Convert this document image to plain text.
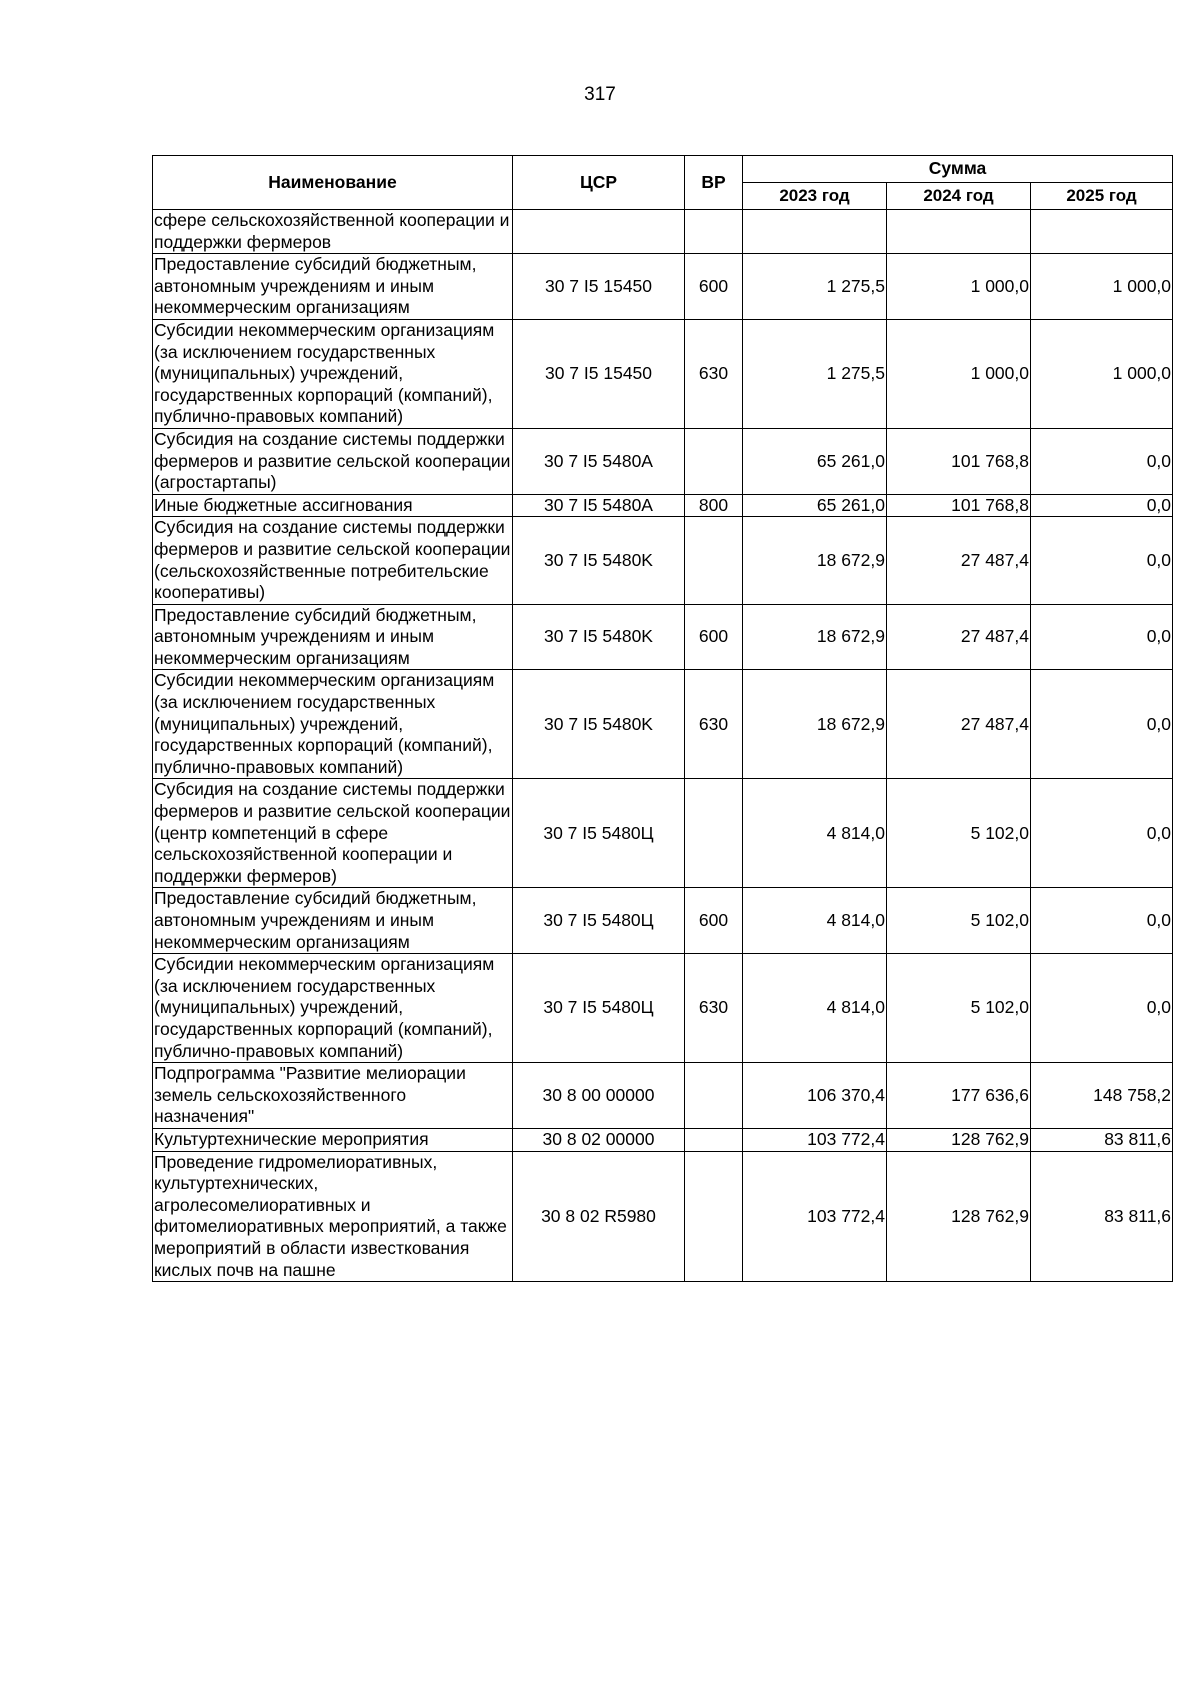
317
Наименование	ЦСР	ВР	Сумма		
			2023 год	2024 год	2025 год
сфере сельскохозяйственной кооперации и поддержки фермеров					
Предоставление субсидий бюджетным, автономным учреждениям и иным некоммерческим организациям	30 7 I5 15450	600	1 275,5	1 000,0	1 000,0
Субсидии некоммерческим организациям (за исключением государственных (муниципальных) учреждений, государственных корпораций (компаний), публично-правовых компаний)	30 7 I5 15450	630	1 275,5	1 000,0	1 000,0
Субсидия на создание системы поддержки фермеров и развитие сельской кооперации (агростартапы)	30 7 I5 5480A		65 261,0	101 768,8	0,0
Иные бюджетные ассигнования	30 7 I5 5480A	800	65 261,0	101 768,8	0,0
Субсидия на создание системы поддержки фермеров и развитие сельской кооперации (сельскохозяйственные потребительские кооперативы)	30 7 I5 5480K		18 672,9	27 487,4	0,0
Предоставление субсидий бюджетным, автономным учреждениям и иным некоммерческим организациям	30 7 I5 5480K	600	18 672,9	27 487,4	0,0
Субсидии некоммерческим организациям (за исключением государственных (муниципальных) учреждений, государственных корпораций (компаний), публично-правовых компаний)	30 7 I5 5480K	630	18 672,9	27 487,4	0,0
Субсидия на создание системы поддержки фермеров и развитие сельской кооперации (центр компетенций в сфере сельскохозяйственной кооперации и поддержки фермеров)	30 7 I5 5480Ц		4 814,0	5 102,0	0,0
Предоставление субсидий бюджетным, автономным учреждениям и иным некоммерческим организациям	30 7 I5 5480Ц	600	4 814,0	5 102,0	0,0
Субсидии некоммерческим организациям (за исключением государственных (муниципальных) учреждений, государственных корпораций (компаний), публично-правовых компаний)	30 7 I5 5480Ц	630	4 814,0	5 102,0	0,0
Подпрограмма "Развитие мелиорации земель сельскохозяйственного назначения"	30 8 00 00000		106 370,4	177 636,6	148 758,2
Культуртехнические мероприятия	30 8 02 00000		103 772,4	128 762,9	83 811,6
Проведение гидромелиоративных, культуртехнических, агролесомелиоративных и фитомелиоративных мероприятий, а также мероприятий в области известкования кислых почв на пашне	30 8 02 R5980		103 772,4	128 762,9	83 811,6
